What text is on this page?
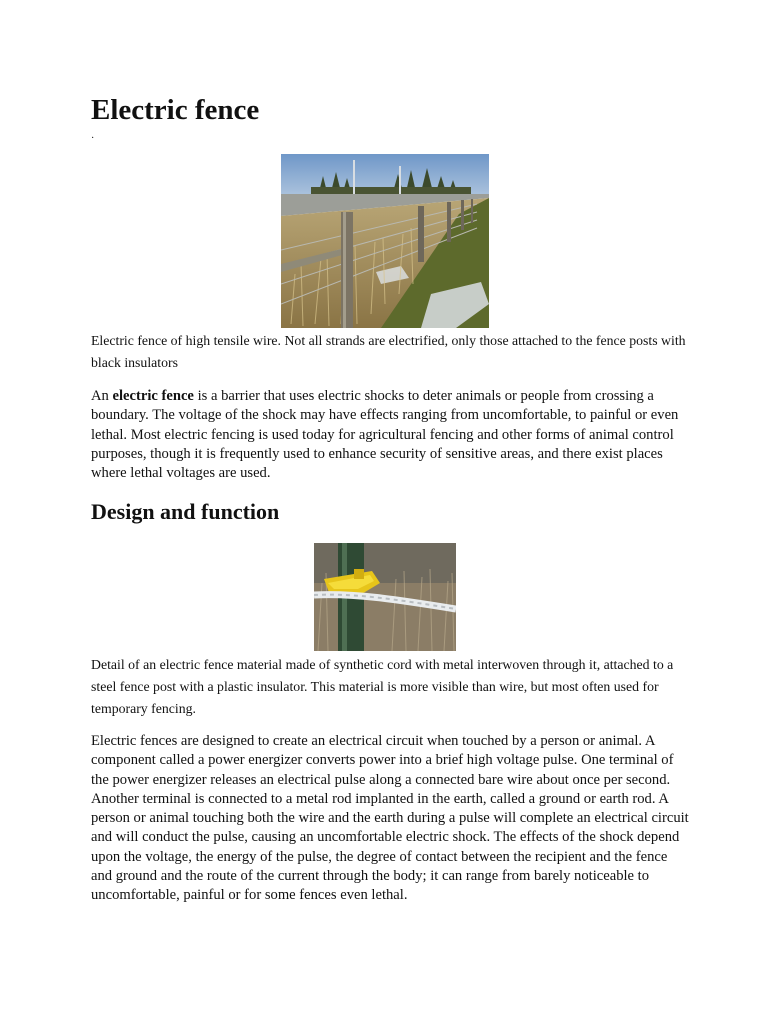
Electric fence
·

Electric fence of high tensile wire. Not all strands are electrified, only those attached to the fence posts with black insulators

An electric fence is a barrier that uses electric shocks to deter animals or people from crossing a boundary. The voltage of the shock may have effects ranging from uncomfortable, to painful or even lethal. Most electric fencing is used today for agricultural fencing and other forms of animal control purposes, though it is frequently used to enhance security of sensitive areas, and there exist places where lethal voltages are used.

Design and function

Detail of an electric fence material made of synthetic cord with metal interwoven through it, attached to a steel fence post with a plastic insulator. This material is more visible than wire, but most often used for temporary fencing.

Electric fences are designed to create an electrical circuit when touched by a person or animal. A component called a power energizer converts power into a brief high voltage pulse. One terminal of the power energizer releases an electrical pulse along a connected bare wire about once per second. Another terminal is connected to a metal rod implanted in the earth, called a ground or earth rod. A person or animal touching both the wire and the earth during a pulse will complete an electrical circuit and will conduct the pulse, causing an uncomfortable electric shock. The effects of the shock depend upon the voltage, the energy of the pulse, the degree of contact between the recipient and the fence and ground and the route of the current through the body; it can range from barely noticeable to uncomfortable, painful or for some fences even lethal.
